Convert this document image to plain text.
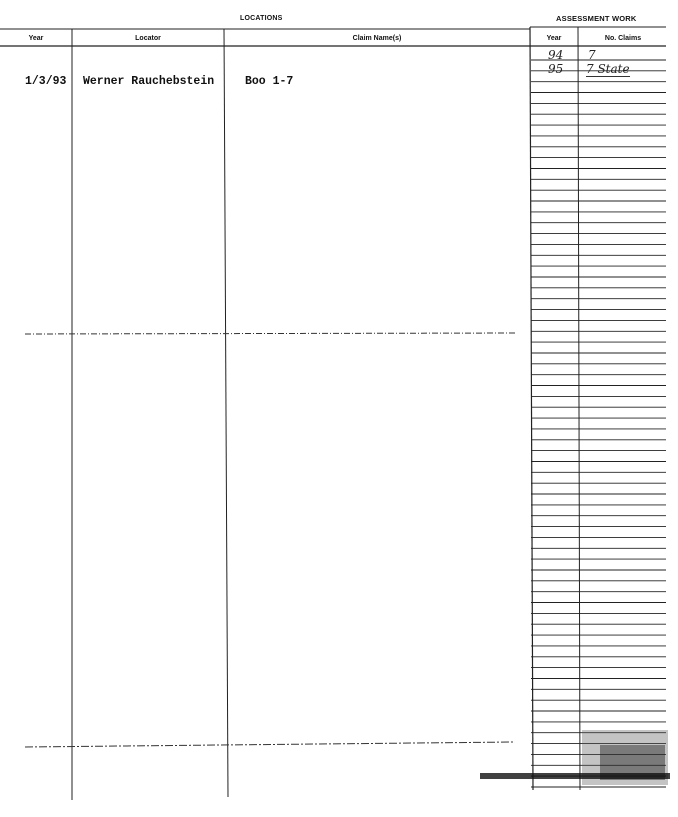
LOCATIONS	ASSESSMENT WORK
Year	Locator	Claim Name(s)	Year	No. Claims
1/3/93 Werner Rauchebstein	Boo 1-7
94 7
95 7 State
